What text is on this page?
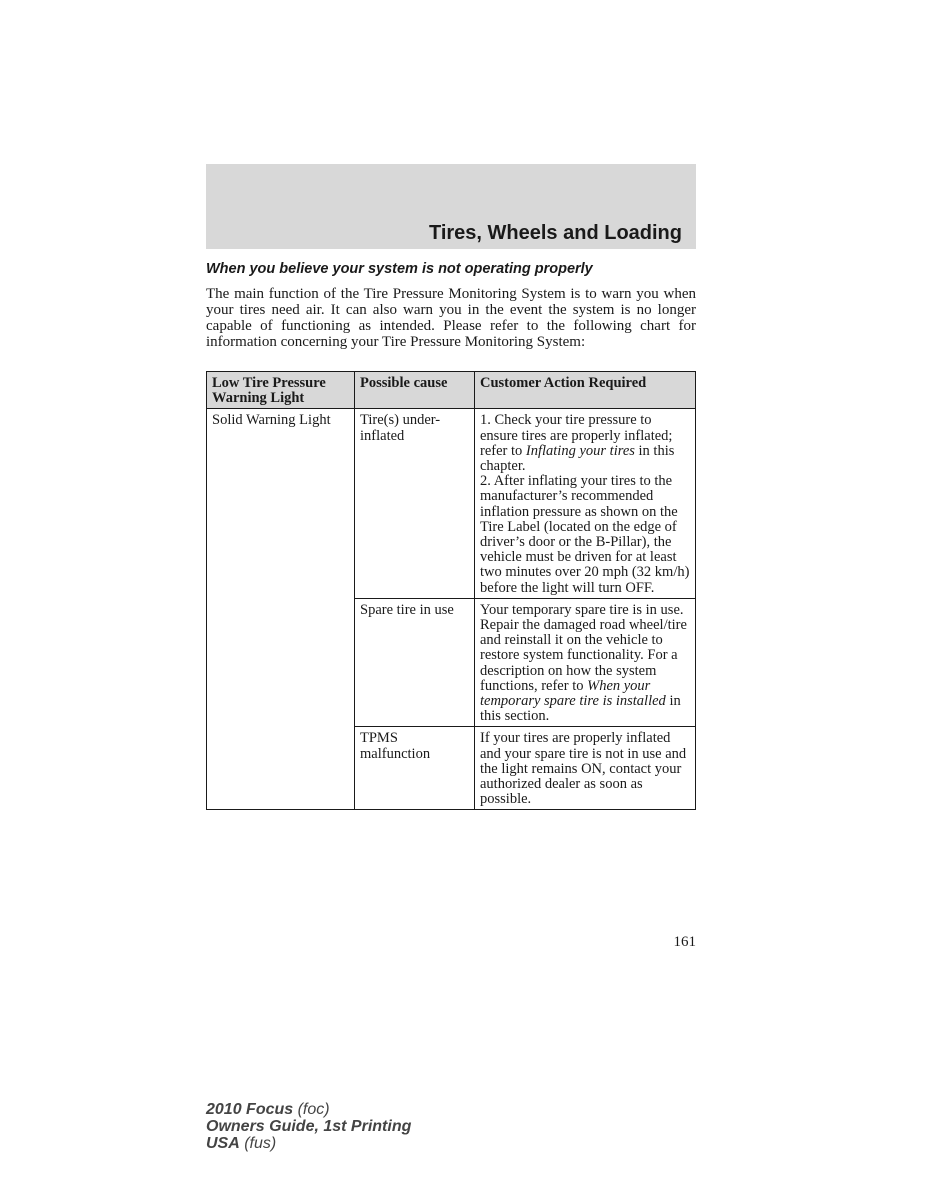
Tires, Wheels and Loading
When you believe your system is not operating properly
The main function of the Tire Pressure Monitoring System is to warn you when your tires need air. It can also warn you in the event the system is no longer capable of functioning as intended. Please refer to the following chart for information concerning your Tire Pressure Monitoring System:
Low Tire Pressure Warning Light	Possible cause	Customer Action Required
Solid Warning Light	Tire(s) under-inflated	1. Check your tire pressure to ensure tires are properly inflated; refer to Inflating your tires in this chapter.
2. After inflating your tires to the manufacturer’s recommended inflation pressure as shown on the Tire Label (located on the edge of driver’s door or the B-Pillar), the vehicle must be driven for at least two minutes over 20 mph (32 km/h) before the light will turn OFF.
	Spare tire in use	Your temporary spare tire is in use. Repair the damaged road wheel/tire and reinstall it on the vehicle to restore system functionality. For a description on how the system functions, refer to When your temporary spare tire is installed in this section.
	TPMS malfunction	If your tires are properly inflated and your spare tire is not in use and the light remains ON, contact your authorized dealer as soon as possible.
161
2010 Focus (foc)
Owners Guide, 1st Printing
USA (fus)
